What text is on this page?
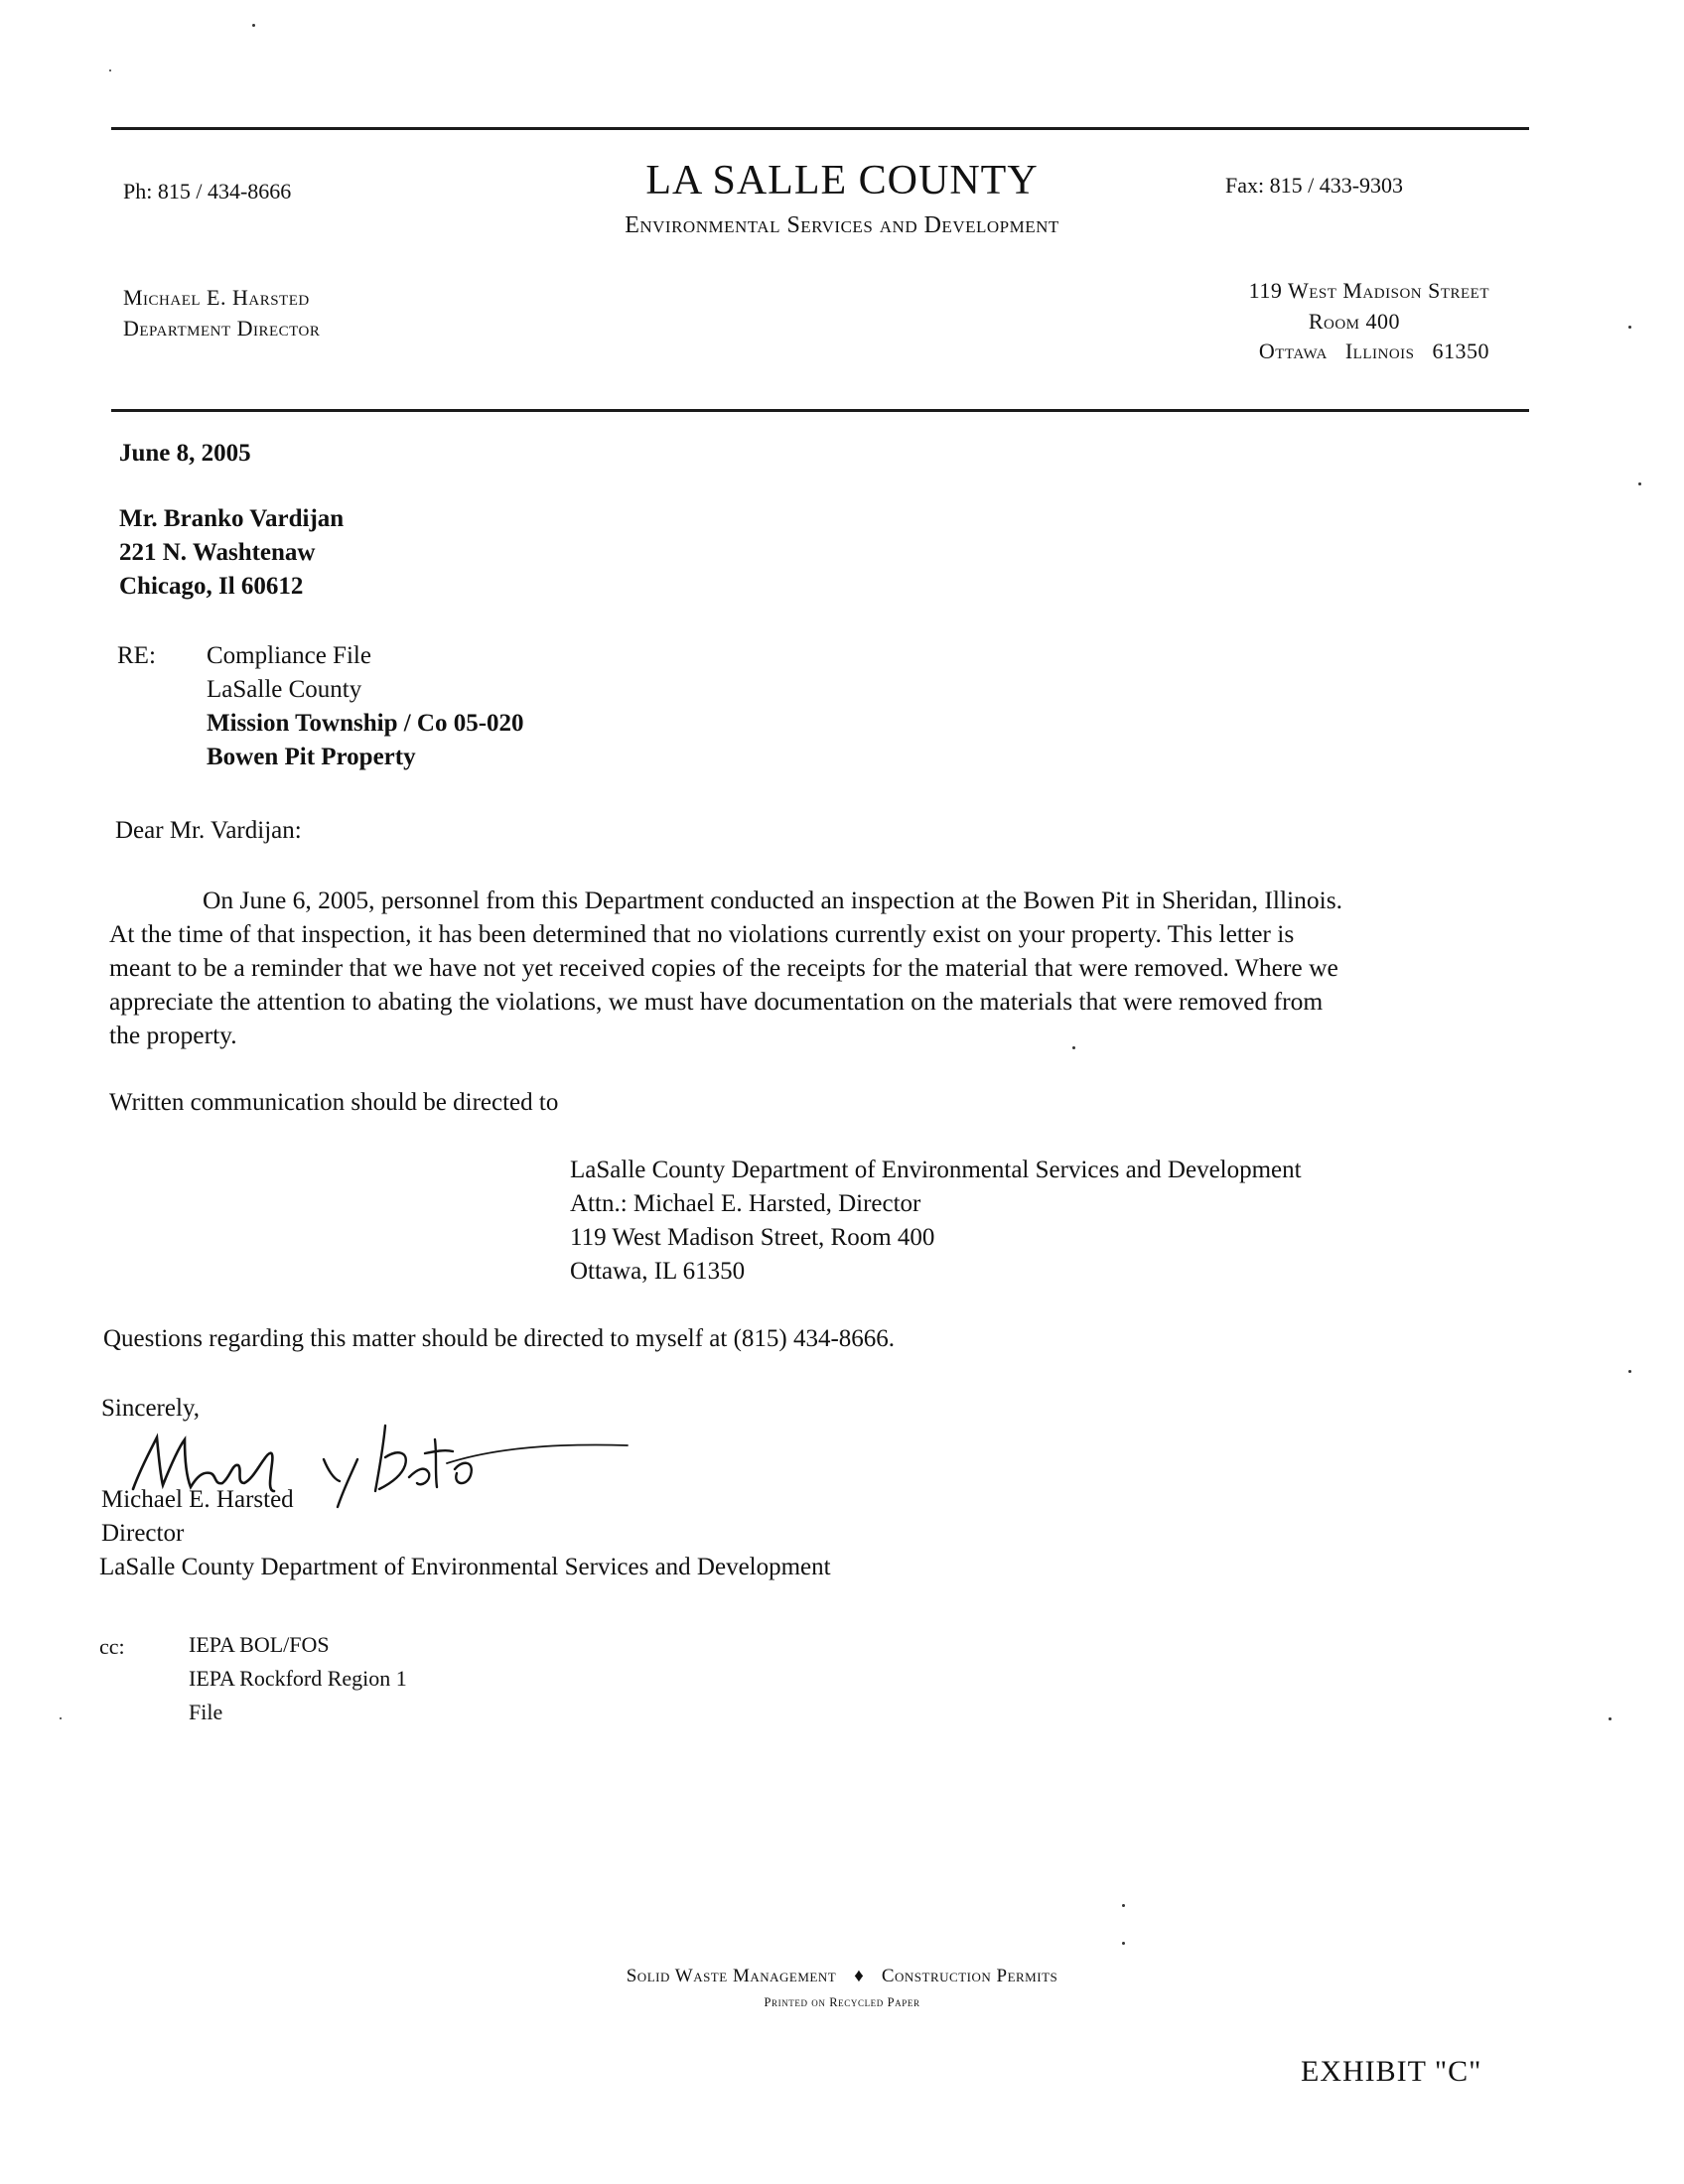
Ph: 815 / 434-8666	LA SALLE COUNTY
Environmental Services and Development
Fax: 815 / 433-9303
Michael E. Harsted
Department Director
119 West Madison Street
Room 400
Ottawa   Illinois   61350
June 8, 2005
Mr. Branko Vardijan
221 N. Washtenaw
Chicago, Il 60612
RE: Compliance File
LaSalle County
Mission Township / Co 05-020
Bowen Pit Property
Dear Mr. Vardijan:
On June 6, 2005, personnel from this Department conducted an inspection at the Bowen Pit in Sheridan, Illinois.
At the time of that inspection, it has been determined that no violations currently exist on your property. This letter is
meant to be a reminder that we have not yet received copies of the receipts for the material that were removed. Where we
appreciate the attention to abating the violations, we must have documentation on the materials that were removed from
the property.
Written communication should be directed to
LaSalle County Department of Environmental Services and Development
Attn.: Michael E. Harsted, Director
119 West Madison Street, Room 400
Ottawa, IL 61350
Questions regarding this matter should be directed to myself at (815) 434-8666.
Sincerely,
Michael E. Harsted
Director
LaSalle County Department of Environmental Services and Development
cc:	IEPA BOL/FOS
IEPA Rockford Region 1
File
Solid Waste Management ♦ Construction Permits
Printed on Recycled Paper
EXHIBIT "C"
